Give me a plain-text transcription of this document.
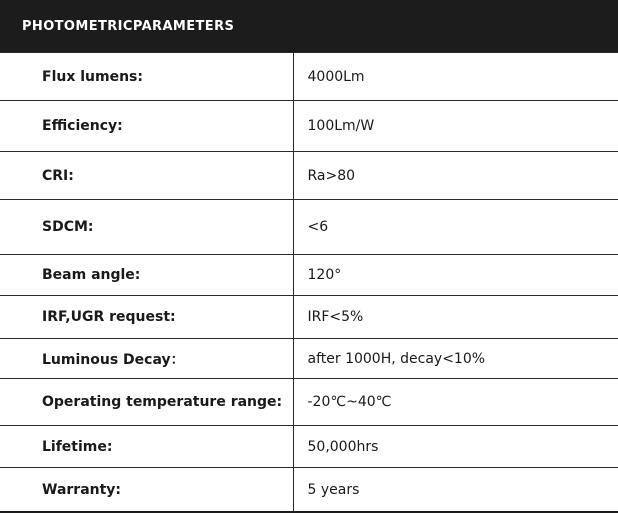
PHOTOMETRICPARAMETERS
Flux lumens:	4000Lm
Efficiency:	100Lm/W
CRI:	Ra>80
SDCM:	<6
Beam angle:	120°
IRF,UGR request:	IRF<5%
Luminous Decay：	after 1000H, decay<10%
Operating temperature range:	-20℃~40℃
Lifetime:	50,000hrs
Warranty:	5 years
